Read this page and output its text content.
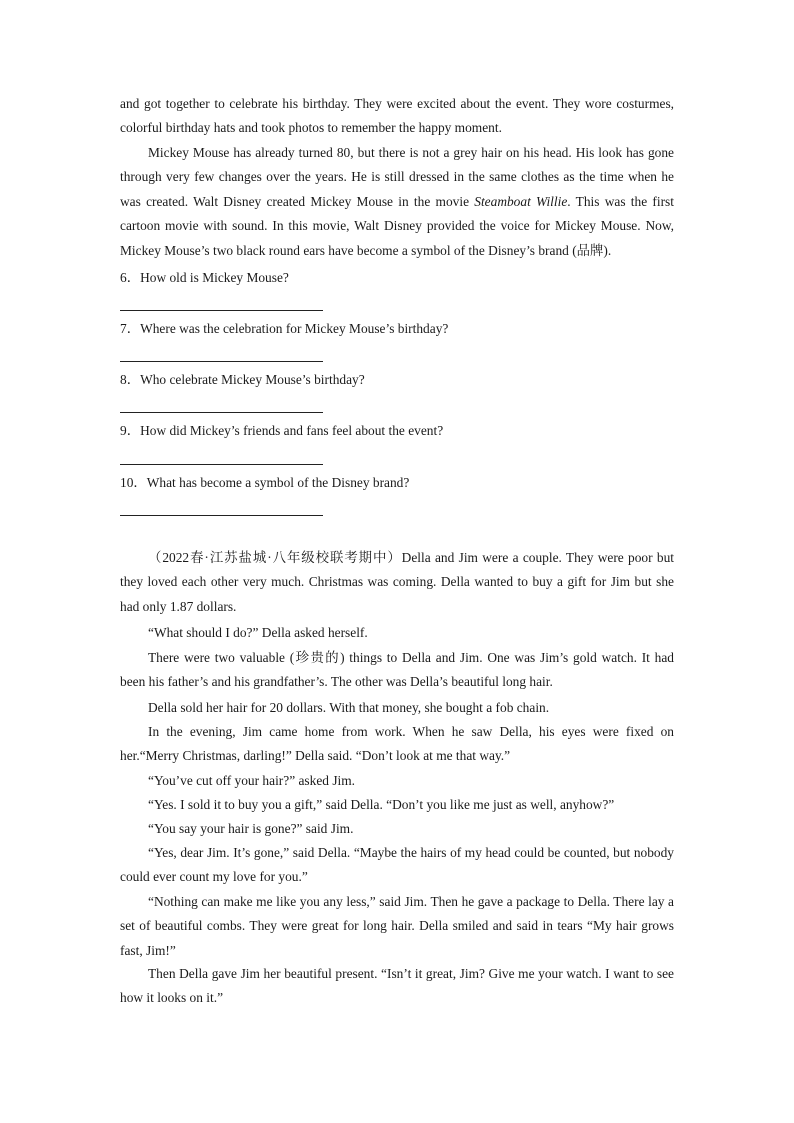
and got together to celebrate his birthday. They were excited about the event. They wore costurmes, colorful birthday hats and took photos to remember the happy moment.

Mickey Mouse has already turned 80, but there is not a grey hair on his head. His look has gone through very few changes over the years. He is still dressed in the same clothes as the time when he was created. Walt Disney created Mickey Mouse in the movie Steamboat Willie. This was the first cartoon movie with sound. In this movie, Walt Disney provided the voice for Mickey Mouse. Now, Mickey Mouse’s two black round ears have become a symbol of the Disney’s brand (品牌).

6．How old is Mickey Mouse?

7．Where was the celebration for Mickey Mouse’s birthday?

8．Who celebrate Mickey Mouse’s birthday?

9．How did Mickey’s friends and fans feel about the event?

10．What has become a symbol of the Disney brand?

（2022春·江苏盐城·八年级校联考期中）Della and Jim were a couple. They were poor but they loved each other very much. Christmas was coming. Della wanted to buy a gift for Jim but she had only 1.87 dollars.

“What should I do?” Della asked herself.

There were two valuable (珍贵的) things to Della and Jim. One was Jim’s gold watch. It had been his father’s and his grandfather’s. The other was Della’s beautiful long hair.

Della sold her hair for 20 dollars. With that money, she bought a fob chain.

In the evening, Jim came home from work. When he saw Della, his eyes were fixed on her.“Merry Christmas, darling!” Della said. “Don’t look at me that way.”

“You’ve cut off your hair?” asked Jim.

“Yes. I sold it to buy you a gift,” said Della. “Don’t you like me just as well, anyhow?”

“You say your hair is gone?” said Jim.

“Yes, dear Jim. It’s gone,” said Della. “Maybe the hairs of my head could be counted, but nobody could ever count my love for you.”

“Nothing can make me like you any less,” said Jim. Then he gave a package to Della. There lay a set of beautiful combs. They were great for long hair. Della smiled and said in tears “My hair grows fast, Jim!”

Then Della gave Jim her beautiful present. “Isn’t it great, Jim? Give me your watch. I want to see how it looks on it.”
